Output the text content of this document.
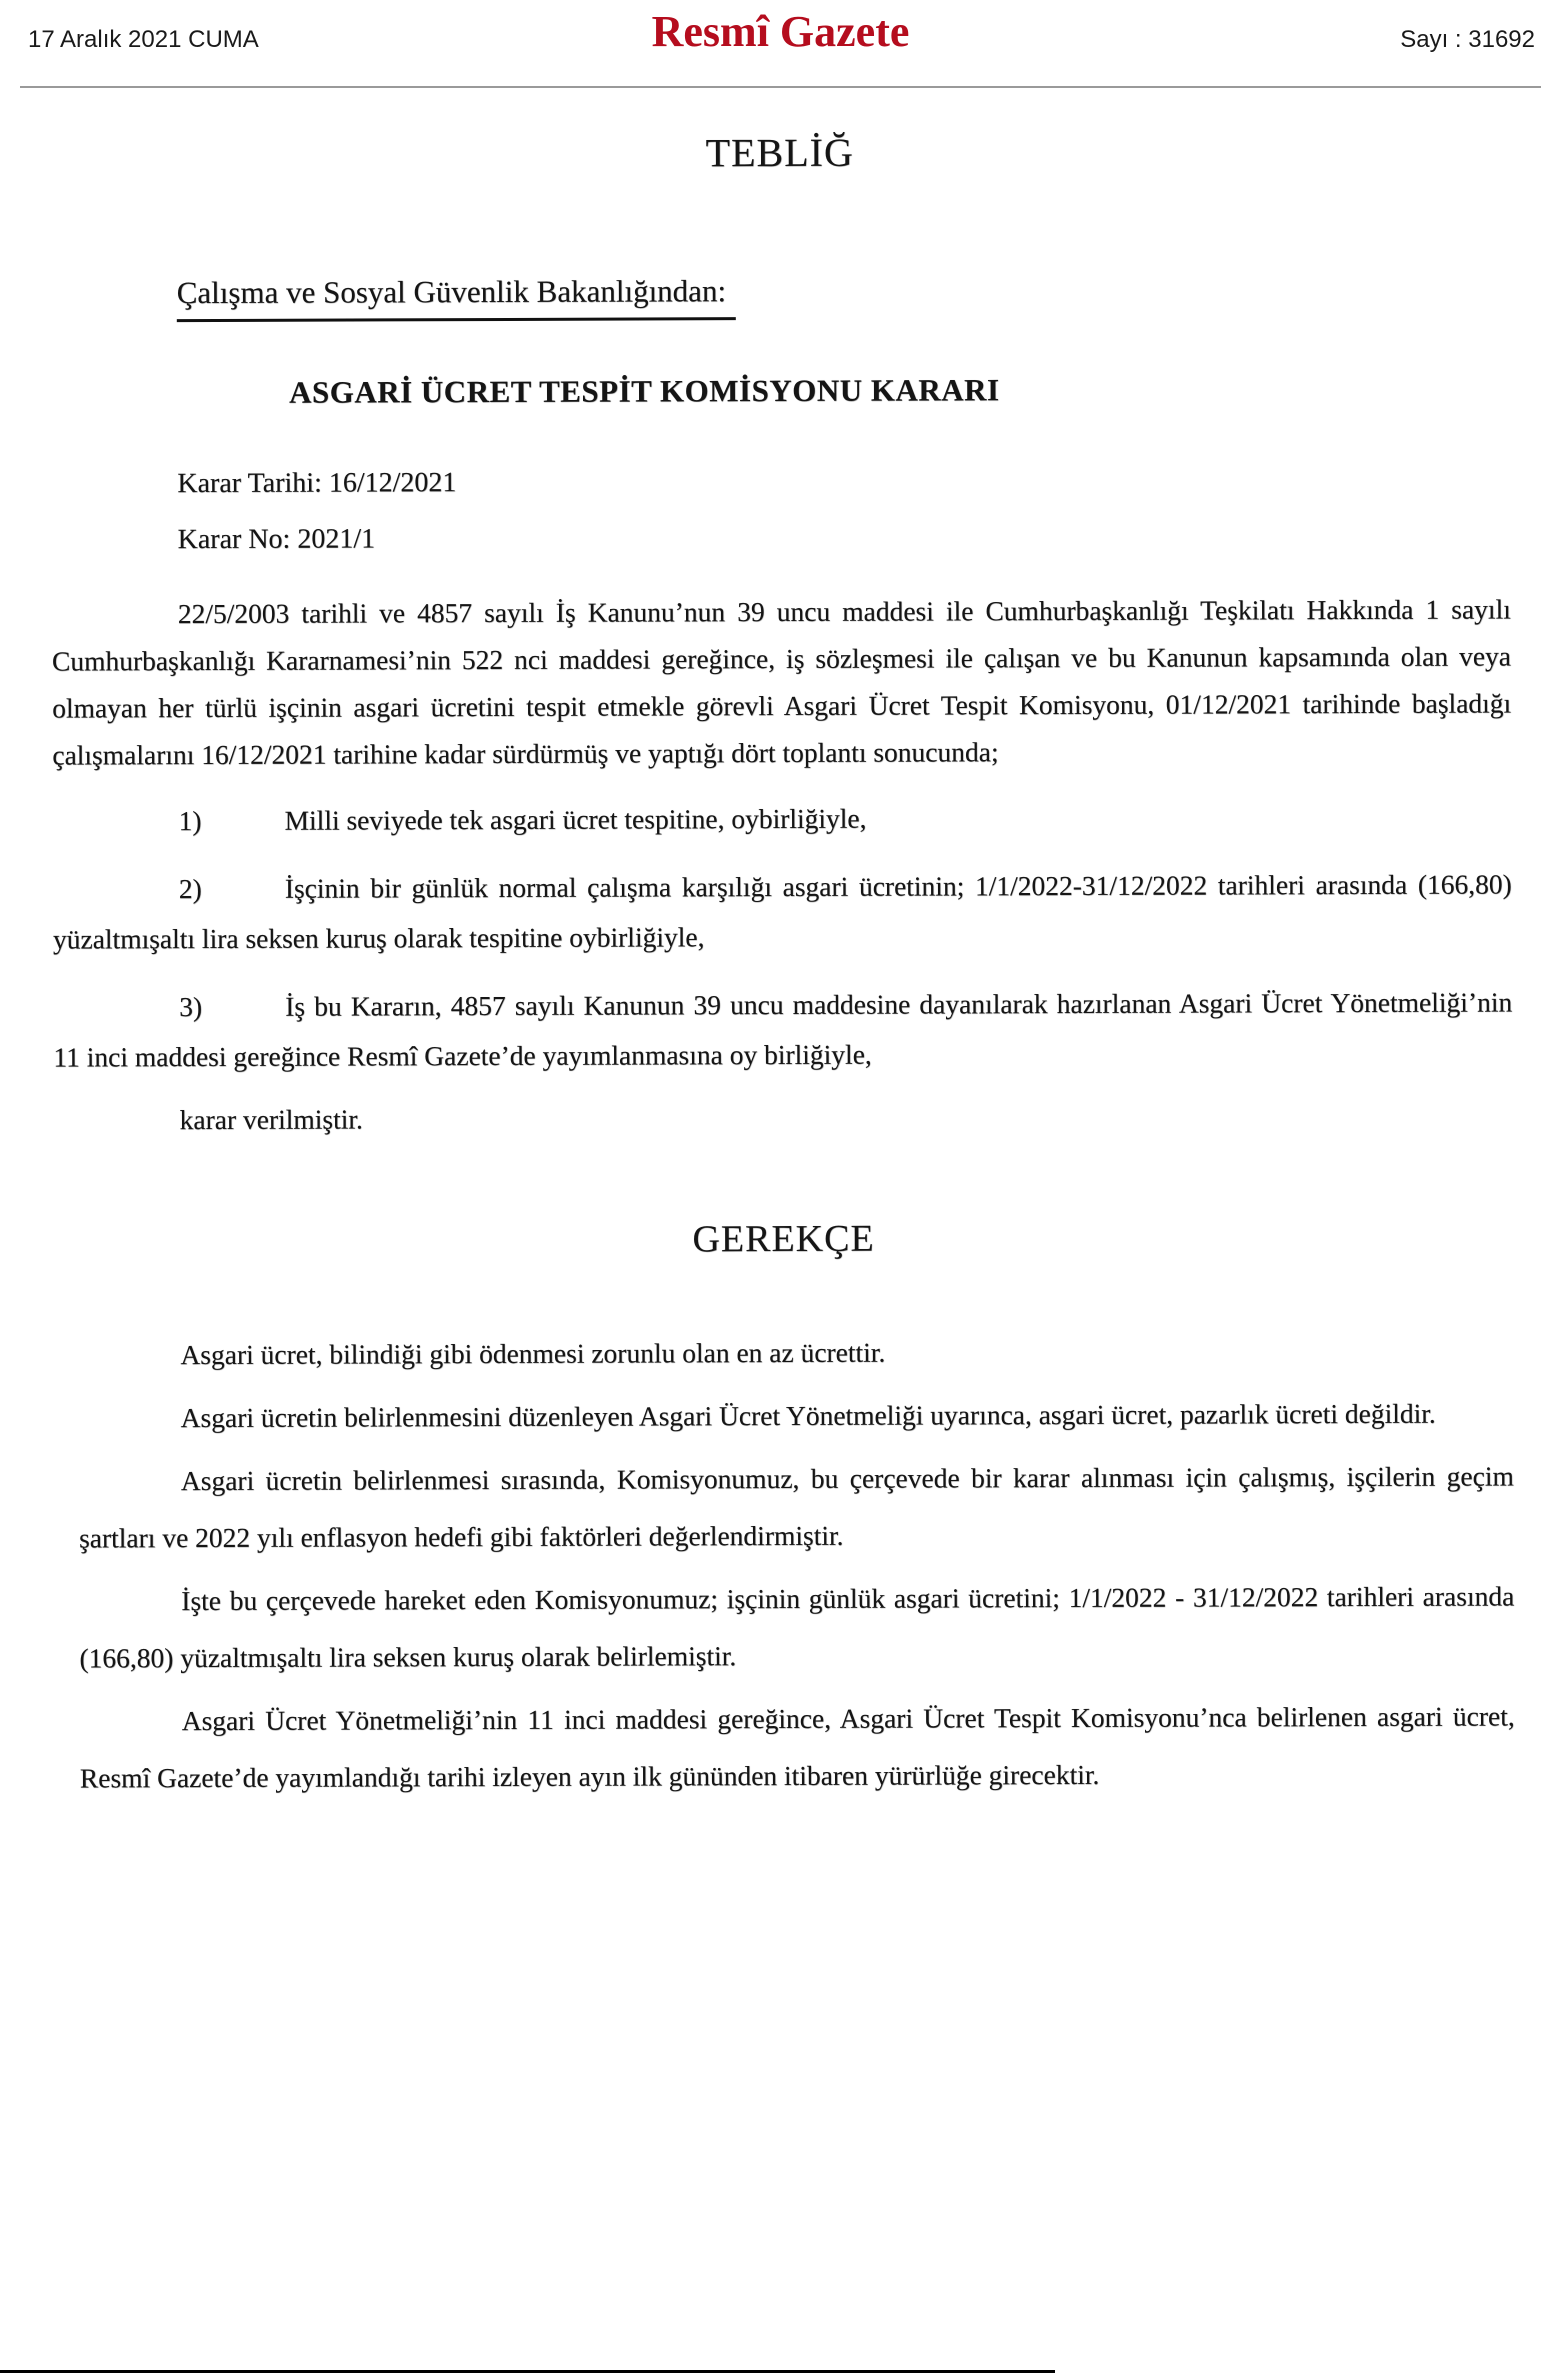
17 Aralık 2021 CUMA	Resmî Gazete	Sayı : 31692
TEBLİĞ
Çalışma ve Sosyal Güvenlik Bakanlığından:
ASGARİ ÜCRET TESPİT KOMİSYONU KARARI

Karar Tarihi: 16/12/2021

Karar No: 2021/1

22/5/2003 tarihli ve 4857 sayılı İş Kanunu’nun 39 uncu maddesi ile Cumhurbaşkanlığı Teşkilatı Hakkında 1 sayılı Cumhurbaşkanlığı Kararnamesi’nin 522 nci maddesi gereğince, iş sözleşmesi ile çalışan ve bu Kanunun kapsamında olan veya olmayan her türlü işçinin asgari ücretini tespit etmekle görevli Asgari Ücret Tespit Komisyonu, 01/12/2021 tarihinde başladığı çalışmalarını 16/12/2021 tarihine kadar sürdürmüş ve yaptığı dört toplantı sonucunda;

1)	Milli seviyede tek asgari ücret tespitine, oybirliğiyle,

2)	İşçinin bir günlük normal çalışma karşılığı asgari ücretinin; 1/1/2022-31/12/2022 tarihleri arasında (166,80) yüzaltmışaltı lira seksen kuruş olarak tespitine oybirliğiyle,

3)	İş bu Kararın, 4857 sayılı Kanunun 39 uncu maddesine dayanılarak hazırlanan Asgari Ücret Yönetmeliği’nin 11 inci maddesi gereğince Resmî Gazete’de yayımlanmasına oy birliğiyle,

karar verilmiştir.

GEREKÇE

Asgari ücret, bilindiği gibi ödenmesi zorunlu olan en az ücrettir.

Asgari ücretin belirlenmesini düzenleyen Asgari Ücret Yönetmeliği uyarınca, asgari ücret, pazarlık ücreti değildir.

Asgari ücretin belirlenmesi sırasında, Komisyonumuz, bu çerçevede bir karar alınması için çalışmış, işçilerin geçim şartları ve 2022 yılı enflasyon hedefi gibi faktörleri değerlendirmiştir.

İşte bu çerçevede hareket eden Komisyonumuz; işçinin günlük asgari ücretini; 1/1/2022 - 31/12/2022 tarihleri arasında (166,80) yüzaltmışaltı lira seksen kuruş olarak belirlemiştir.

Asgari Ücret Yönetmeliği’nin 11 inci maddesi gereğince, Asgari Ücret Tespit Komisyonu’nca belirlenen asgari ücret, Resmî Gazete’de yayımlandığı tarihi izleyen ayın ilk gününden itibaren yürürlüğe girecektir.
